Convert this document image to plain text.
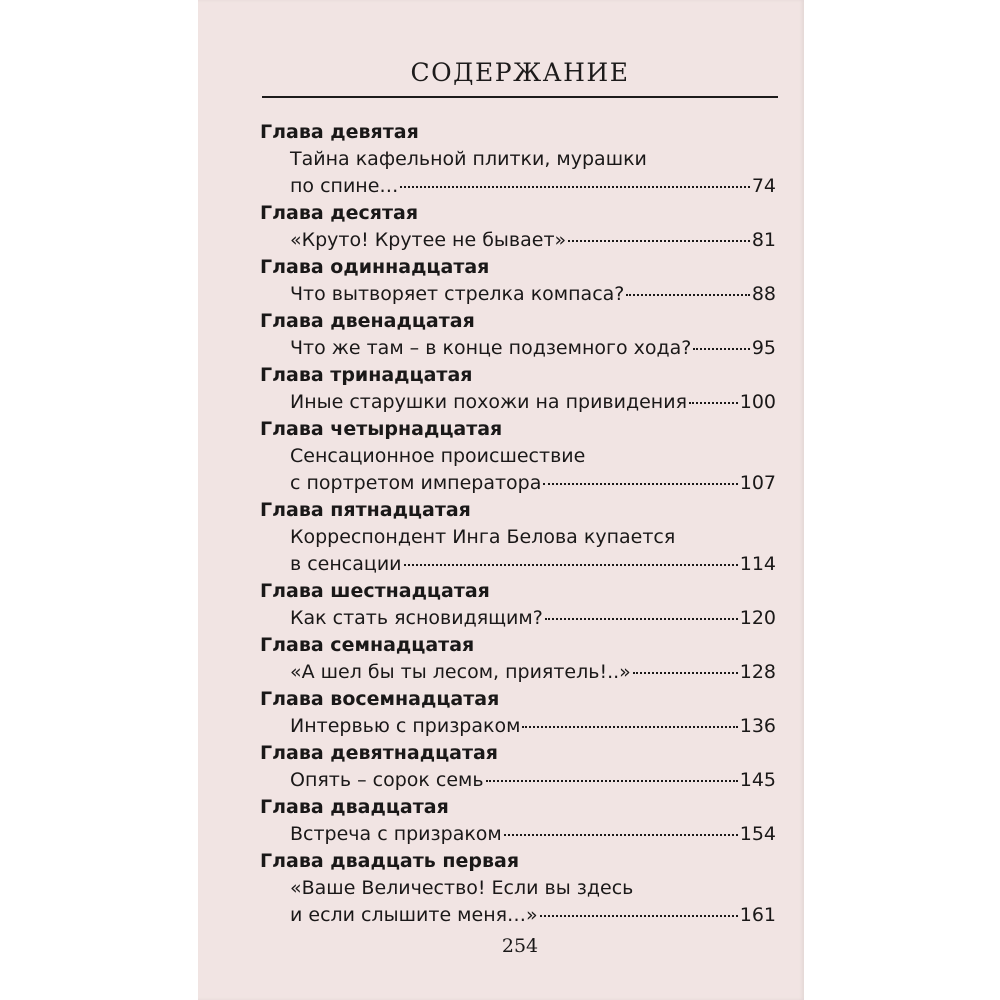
СОДЕРЖАНИЕ
Глава девятая
Тайна кафельной плитки, мурашки
по спине…	74
Глава десятая
«Круто! Крутее не бывает»	81
Глава одиннадцатая
Что вытворяет стрелка компаса?	88
Глава двенадцатая
Что же там – в конце подземного хода?	95
Глава тринадцатая
Иные старушки похожи на привидения	100
Глава четырнадцатая
Сенсационное происшествие
с портретом императора	107
Глава пятнадцатая
Корреспондент Инга Белова купается
в сенсации	114
Глава шестнадцатая
Как стать ясновидящим?	120
Глава семнадцатая
«А шел бы ты лесом, приятель!..»	128
Глава восемнадцатая
Интервью с призраком	136
Глава девятнадцатая
Опять – сорок семь	145
Глава двадцатая
Встреча с призраком	154
Глава двадцать первая
«Ваше Величество! Если вы здесь
и если слышите меня…»	161
254
